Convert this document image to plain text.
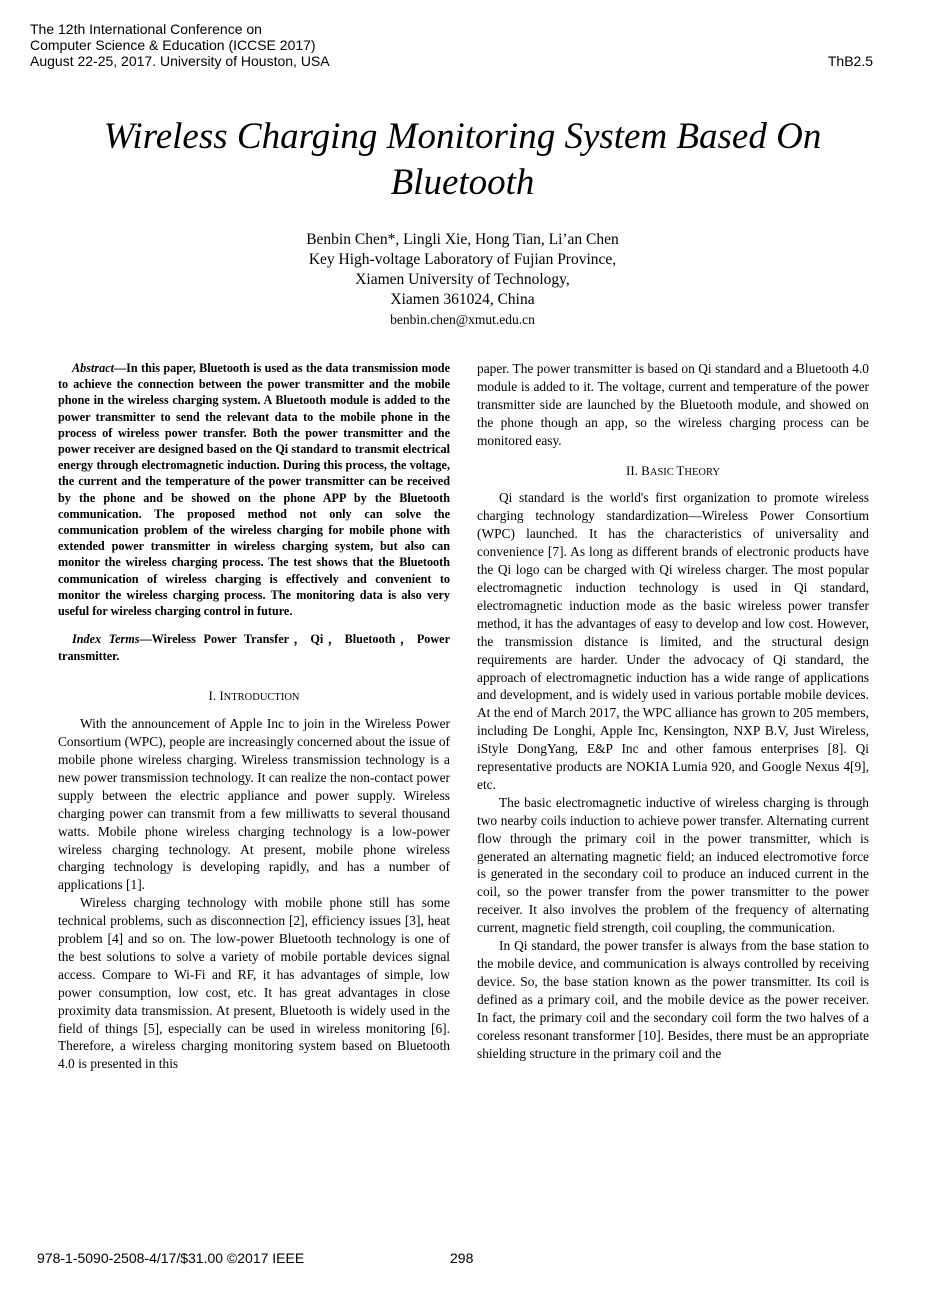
The 12th International Conference on
Computer Science & Education (ICCSE 2017)
August 22-25, 2017. University of Houston, USA	ThB2.5
Wireless Charging Monitoring System Based On
Bluetooth
Benbin Chen*, Lingli Xie, Hong Tian, Li’an Chen
Key High-voltage Laboratory of Fujian Province,
Xiamen University of Technology,
Xiamen 361024, China
benbin.chen@xmut.edu.cn

Abstract—In this paper, Bluetooth is used as the data transmission mode to achieve the connection between the power transmitter and the mobile phone in the wireless charging system. A Bluetooth module is added to the power transmitter to send the relevant data to the mobile phone in the process of wireless power transfer. Both the power transmitter and the power receiver are designed based on the Qi standard to transmit electrical energy through electromagnetic induction. During this process, the voltage, the current and the temperature of the power transmitter can be received by the phone and be showed on the phone APP by the Bluetooth communication. The proposed method not only can solve the communication problem of the wireless charging for mobile phone with extended power transmitter in wireless charging system, but also can monitor the wireless charging process. The test shows that the Bluetooth communication of wireless charging is effectively and convenient to monitor the wireless charging process. The monitoring data is also very useful for wireless charging control in future.

Index Terms—Wireless Power Transfer，Qi，Bluetooth，Power transmitter.

I. INTRODUCTION

With the announcement of Apple Inc to join in the Wireless Power Consortium (WPC), people are increasingly concerned about the issue of mobile phone wireless charging. Wireless transmission technology is a new power transmission technology. It can realize the non-contact power supply between the electric appliance and power supply. Wireless charging power can transmit from a few milliwatts to several thousand watts. Mobile phone wireless charging technology is a low-power wireless charging technology. At present, mobile phone wireless charging technology is developing rapidly, and has a number of applications [1].

Wireless charging technology with mobile phone still has some technical problems, such as disconnection [2], efficiency issues [3], heat problem [4] and so on. The low-power Bluetooth technology is one of the best solutions to solve a variety of mobile portable devices signal access. Compare to Wi-Fi and RF, it has advantages of simple, low power consumption, low cost, etc. It has great advantages in close proximity data transmission. At present, Bluetooth is widely used in the field of things [5], especially can be used in wireless monitoring [6]. Therefore, a wireless charging monitoring system based on Bluetooth 4.0 is presented in this

paper. The power transmitter is based on Qi standard and a Bluetooth 4.0 module is added to it. The voltage, current and temperature of the power transmitter side are launched by the Bluetooth module, and showed on the phone though an app, so the wireless charging process can be monitored easy.

II. BASIC THEORY

Qi standard is the world's first organization to promote wireless charging technology standardization—Wireless Power Consortium (WPC) launched. It has the characteristics of universality and convenience [7]. As long as different brands of electronic products have the Qi logo can be charged with Qi wireless charger. The most popular electromagnetic induction technology is used in Qi standard, electromagnetic induction mode as the basic wireless power transfer method, it has the advantages of easy to develop and low cost. However, the transmission distance is limited, and the structural design requirements are harder. Under the advocacy of Qi standard, the approach of electromagnetic induction has a wide range of applications and development, and is widely used in various portable mobile devices. At the end of March 2017, the WPC alliance has grown to 205 members, including De Longhi, Apple Inc, Kensington, NXP B.V, Just Wireless, iStyle DongYang, E&P Inc and other famous enterprises [8]. Qi representative products are NOKIA Lumia 920, and Google Nexus 4[9], etc.

The basic electromagnetic inductive of wireless charging is through two nearby coils induction to achieve power transfer. Alternating current flow through the primary coil in the power transmitter, which is generated an alternating magnetic field; an induced electromotive force is generated in the secondary coil to produce an induced current in the coil, so the power transfer from the power transmitter to the power receiver. It also involves the problem of the frequency of alternating current, magnetic field strength, coil coupling, the communication.

In Qi standard, the power transfer is always from the base station to the mobile device, and communication is always controlled by receiving device. So, the base station known as the power transmitter. Its coil is defined as a primary coil, and the mobile device as the power receiver. In fact, the primary coil and the secondary coil form the two halves of a coreless resonant transformer [10]. Besides, there must be an appropriate shielding structure in the primary coil and the

978-1-5090-2508-4/17/$31.00 ©2017 IEEE	298
